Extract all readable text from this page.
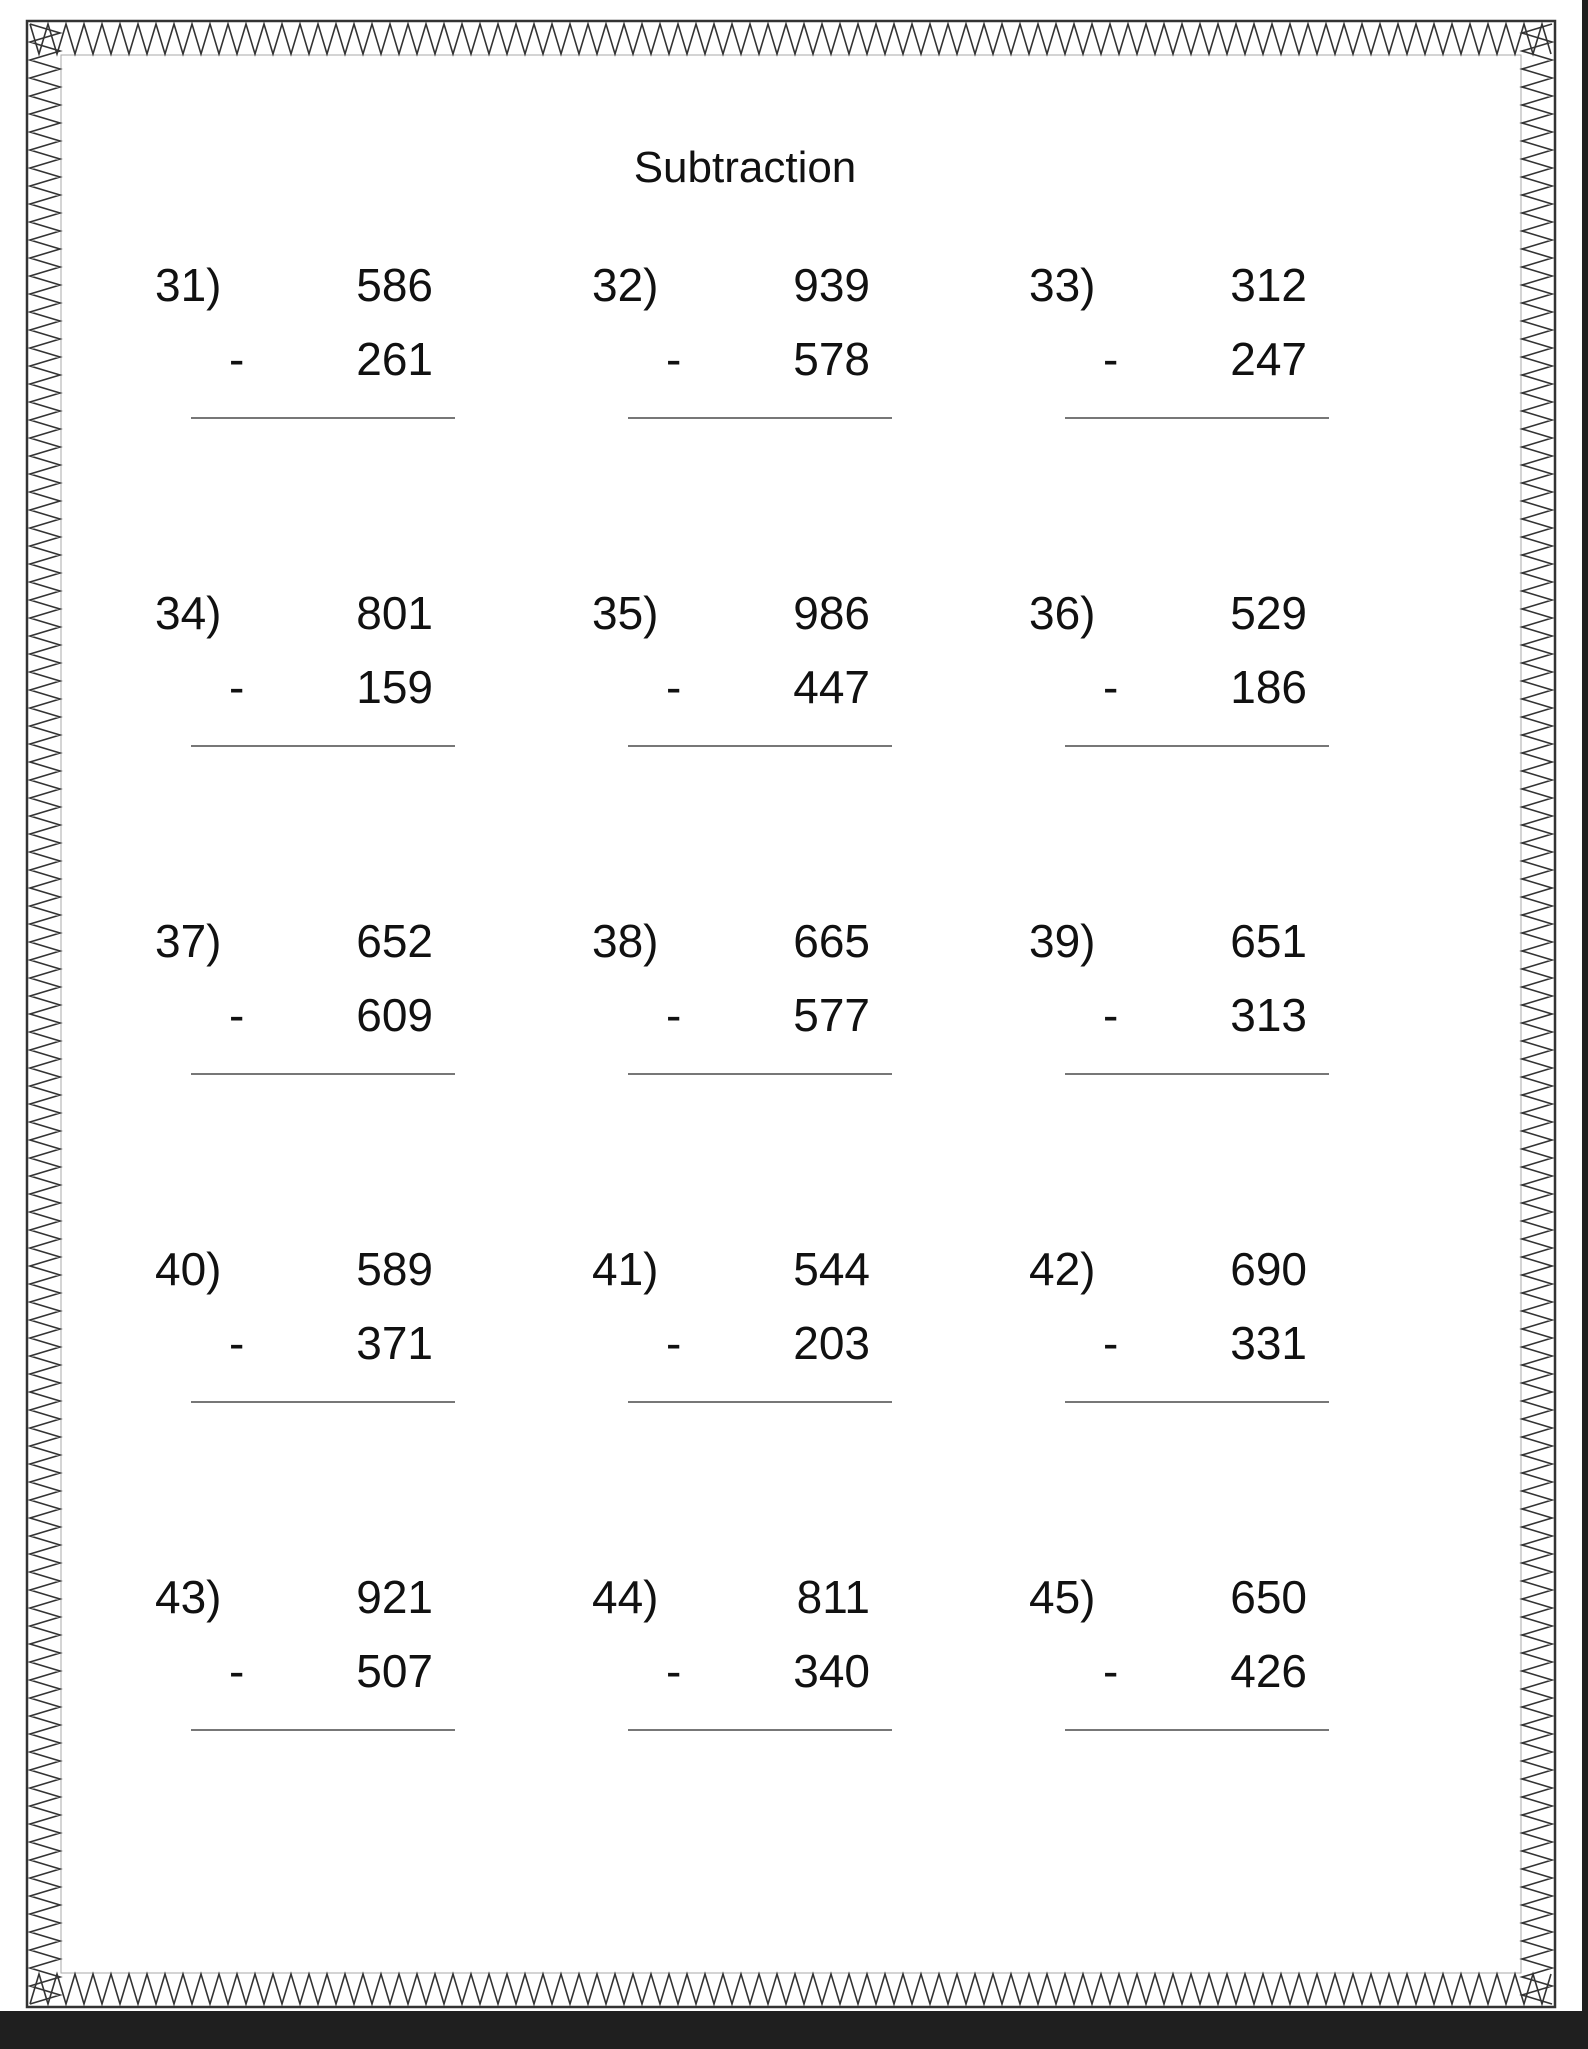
Subtraction
31)	586
-	261
32)	939
-	578
33)	312
-	247
34)	801
-	159
35)	986
-	447
36)	529
-	186
37)	652
-	609
38)	665
-	577
39)	651
-	313
40)	589
-	371
41)	544
-	203
42)	690
-	331
43)	921
-	507
44)	811
-	340
45)	650
-	426
